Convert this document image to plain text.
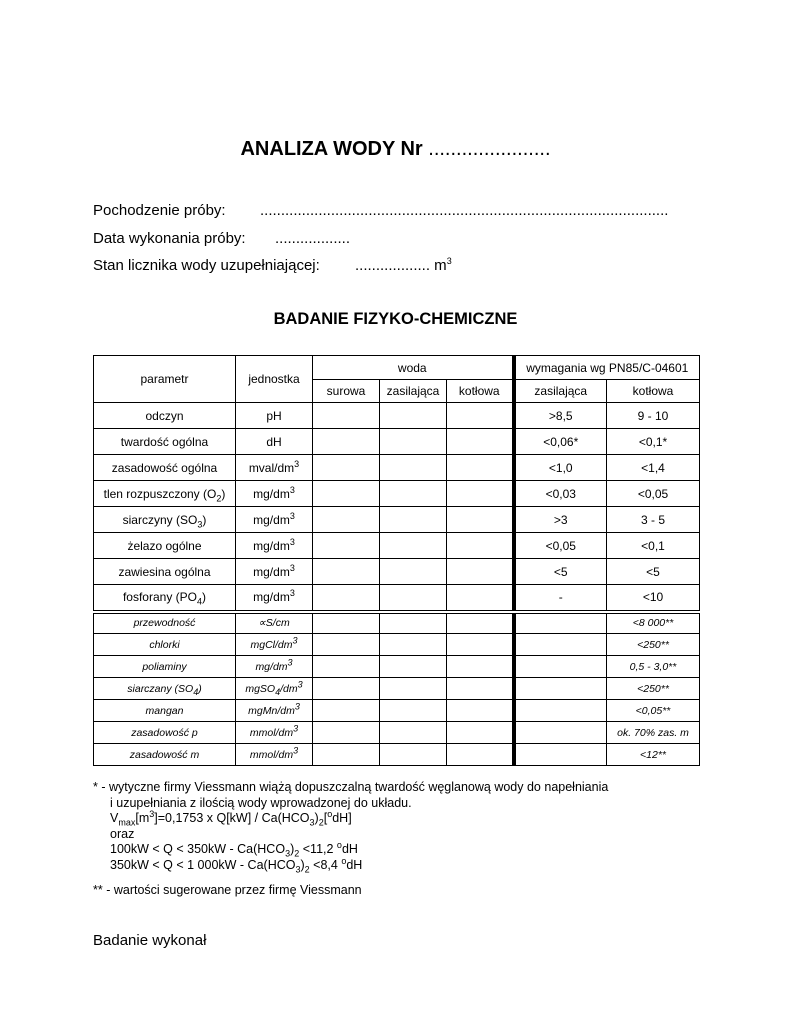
ANALIZA WODY Nr ......................
Pochodzenie próby: ..................................................................................................
Data wykonania próby: ..................
Stan licznika wody uzupełniającej: .................. $m^3$
BADANIE FIZYKO-CHEMICZNE
parametr	jednostka	woda			wymagania wg PN85/C-04601	
		surowa	zasilająca	kotłowa	zasilająca	kotłowa
odczyn	pH				>8,5	9 - 10
twardość ogólna	dH				<0,06*	<0,1*
zasadowość ogólna	mval/$dm^3$				<1,0	<1,4
tlen rozpuszczony $(O_2)$	$mg/dm^3$				<0,03	<0,05
siarczyny $(SO_3)$	$mg/dm^3$				>3	3 - 5
żelazo ogólne	$mg/dm^3$				<0,05	<0,1
zawiesina ogólna	$mg/dm^3$				<5	<5
fosforany $(PO_4)$	$mg/dm^3$				-	<10
przewodność	∝S/cm					<8 000**
chlorki	mgCl/$dm^3$					<250**
poliaminy	$mg/dm^3$					0,5 - 3,0**
siarczany $(SO_4)$	$mgSO_4/dm^3$					<250**
mangan	mgMn/$dm^3$					<0,05**
zasadowość p	mmol/$dm^3$					ok. 70% zas. m
zasadowość m	mmol/$dm^3$					<12**
* - wytyczne firmy Viessmann wiążą dopuszczalną twardość węglanową wody do napełniania
i uzupełniania z ilością wody wprowadzonej do układu.
$V_{max}[m^3]=0,1753$ x $Q[kW] / Ca(HCO_3)_2[^odH]$
oraz
$100kW < Q < 350kW - Ca(HCO_3)_2 <11,2$ $^o$dH
350kW < Q < 1 $000kW - Ca(HCO_3)_2 <8,4$ $^o$dH
** - wartości sugerowane przez firmę Viessmann
Badanie wykonał
